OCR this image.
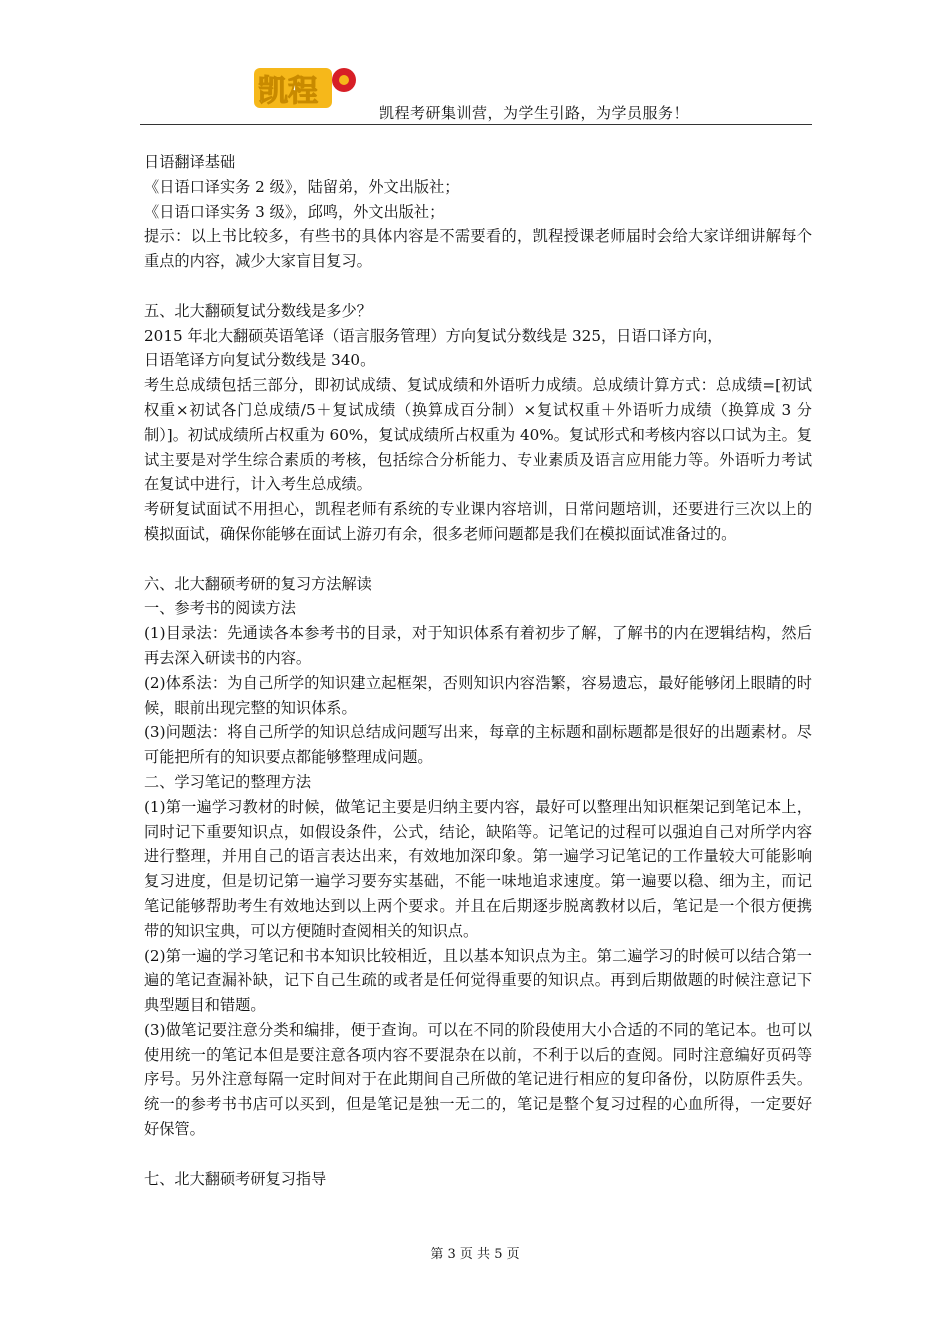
凯程
凯程考研集训营，为学生引路，为学员服务！

日语翻译基础

《日语口译实务 2 级》，陆留弟，外文出版社；

《日语口译实务 3 级》，邱鸣，外文出版社；

提示：以上书比较多，有些书的具体内容是不需要看的，凯程授课老师届时会给大家详细讲解每个重点的内容，减少大家盲目复习。

五、北大翻硕复试分数线是多少？

2015 年北大翻硕英语笔译（语言服务管理）方向复试分数线是 325，日语口译方向，

日语笔译方向复试分数线是 340。

考生总成绩包括三部分，即初试成绩、复试成绩和外语听力成绩。总成绩计算方式：总成绩=[初试权重×初试各门总成绩/5＋复试成绩（换算成百分制）×复试权重＋外语听力成绩（换算成 3 分制）]。初试成绩所占权重为 60%，复试成绩所占权重为 40%。复试形式和考核内容以口试为主。复试主要是对学生综合素质的考核，包括综合分析能力、专业素质及语言应用能力等。外语听力考试在复试中进行，计入考生总成绩。

考研复试面试不用担心，凯程老师有系统的专业课内容培训，日常问题培训，还要进行三次以上的模拟面试，确保你能够在面试上游刃有余，很多老师问题都是我们在模拟面试准备过的。

六、北大翻硕考研的复习方法解读

一、参考书的阅读方法

(1)目录法：先通读各本参考书的目录，对于知识体系有着初步了解，了解书的内在逻辑结构，然后再去深入研读书的内容。

(2)体系法：为自己所学的知识建立起框架，否则知识内容浩繁，容易遗忘，最好能够闭上眼睛的时候，眼前出现完整的知识体系。

(3)问题法：将自己所学的知识总结成问题写出来，每章的主标题和副标题都是很好的出题素材。尽可能把所有的知识要点都能够整理成问题。

二、学习笔记的整理方法

(1)第一遍学习教材的时候，做笔记主要是归纳主要内容，最好可以整理出知识框架记到笔记本上，同时记下重要知识点，如假设条件，公式，结论，缺陷等。记笔记的过程可以强迫自己对所学内容进行整理，并用自己的语言表达出来，有效地加深印象。第一遍学习记笔记的工作量较大可能影响复习进度，但是切记第一遍学习要夯实基础，不能一味地追求速度。第一遍要以稳、细为主，而记笔记能够帮助考生有效地达到以上两个要求。并且在后期逐步脱离教材以后，笔记是一个很方便携带的知识宝典，可以方便随时查阅相关的知识点。

(2)第一遍的学习笔记和书本知识比较相近，且以基本知识点为主。第二遍学习的时候可以结合第一遍的笔记查漏补缺，记下自己生疏的或者是任何觉得重要的知识点。再到后期做题的时候注意记下典型题目和错题。

(3)做笔记要注意分类和编排，便于查询。可以在不同的阶段使用大小合适的不同的笔记本。也可以使用统一的笔记本但是要注意各项内容不要混杂在以前，不利于以后的查阅。同时注意编好页码等序号。另外注意每隔一定时间对于在此期间自己所做的笔记进行相应的复印备份，以防原件丢失。统一的参考书书店可以买到，但是笔记是独一无二的，笔记是整个复习过程的心血所得，一定要好好保管。

七、北大翻硕考研复习指导

第 3 页 共 5 页
